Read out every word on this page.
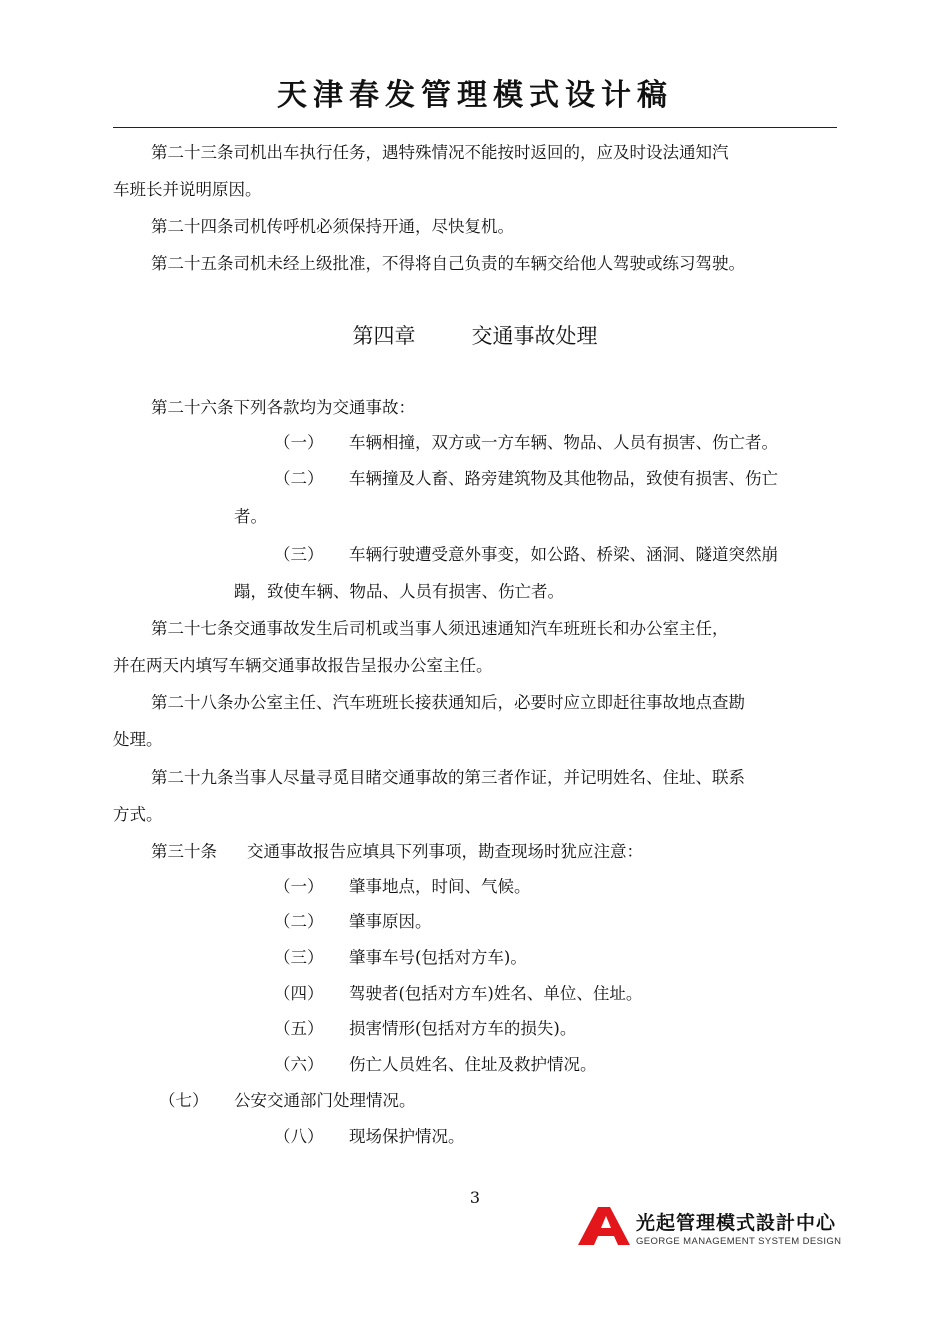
天津春发管理模式设计稿
第二十三条司机出车执行任务，遇特殊情况不能按时返回的，应及时设法通知汽
车班长并说明原因。
第二十四条司机传呼机必须保持开通，尽快复机。
第二十五条司机未经上级批准，不得将自己负责的车辆交给他人驾驶或练习驾驶。
第四章	交通事故处理
第二十六条下列各款均为交通事故：
（一） 车辆相撞，双方或一方车辆、物品、人员有损害、伤亡者。
（二） 车辆撞及人畜、路旁建筑物及其他物品，致使有损害、伤亡
者。
（三） 车辆行驶遭受意外事变，如公路、桥梁、涵洞、隧道突然崩
蹋，致使车辆、物品、人员有损害、伤亡者。
第二十七条交通事故发生后司机或当事人须迅速通知汽车班班长和办公室主任，
并在两天内填写车辆交通事故报告呈报办公室主任。
第二十八条办公室主任、汽车班班长接获通知后，必要时应立即赶往事故地点查勘
处理。
第二十九条当事人尽量寻觅目睹交通事故的第三者作证，并记明姓名、住址、联系
方式。
第三十条 交通事故报告应填具下列事项，勘查现场时犹应注意：
（一） 肇事地点，时间、气候。
（二） 肇事原因。
（三） 肇事车号(包括对方车)。
（四） 驾驶者(包括对方车)姓名、单位、住址。
（五） 损害情形(包括对方车的损失)。
（六） 伤亡人员姓名、住址及救护情况。
（七） 公安交通部门处理情况。
（八） 现场保护情况。
3
光起管理模式設計中心
GEORGE MANAGEMENT SYSTEM DESIGN
